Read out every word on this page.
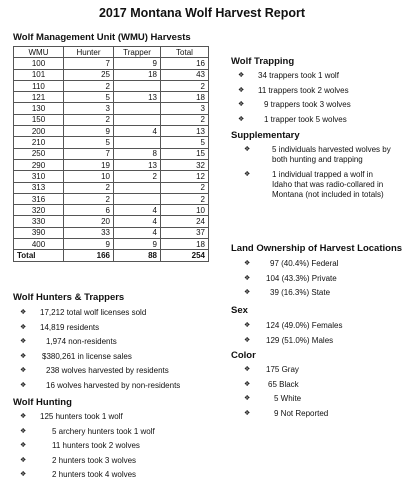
2017 Montana Wolf Harvest Report
Wolf Management Unit (WMU) Harvests
WMU	Hunter	Trapper	Total
100	7	9	16
101	25	18	43
110	2		2
121	5	13	18
130	3		3
150	2		2
200	9	4	13
210	5		5
250	7	8	15
290	19	13	32
310	10	2	12
313	2		2
316	2		2
320	6	4	10
330	20	4	24
390	33	4	37
400	9	9	18
Total	166	88	254
Wolf Hunters & Trappers
❖ 17,212 total wolf licenses sold
❖ 14,819 residents
❖ 1,974 non-residents
❖ $380,261 in license sales
❖ 238 wolves harvested by residents
❖ 16 wolves harvested by non-residents
Wolf Hunting
❖ 125 hunters took 1 wolf
❖	5 archery hunters took 1 wolf
❖	11 hunters took 2 wolves
❖	2 hunters took 3 wolves
❖	2 hunters took 4 wolves
Wolf Trapping
❖ 34 trappers took 1 wolf
❖ 11 trappers took 2 wolves
❖ 9 trappers took 3 wolves
❖ 1 trapper took 5 wolves
Supplementary
❖	5 individuals harvested wolves by both hunting and trapping
❖	1 individual trapped a wolf in Idaho that was radio-collared in Montana (not included in totals)
Land Ownership of Harvest Locations
❖ 97 (40.4%) Federal
❖ 104 (43.3%) Private
❖ 39 (16.3%) State
Sex
❖ 124 (49.0%) Females
❖ 129 (51.0%) Males
Color
❖ 175 Gray
❖ 65 Black
❖	5 White
❖	9 Not Reported
